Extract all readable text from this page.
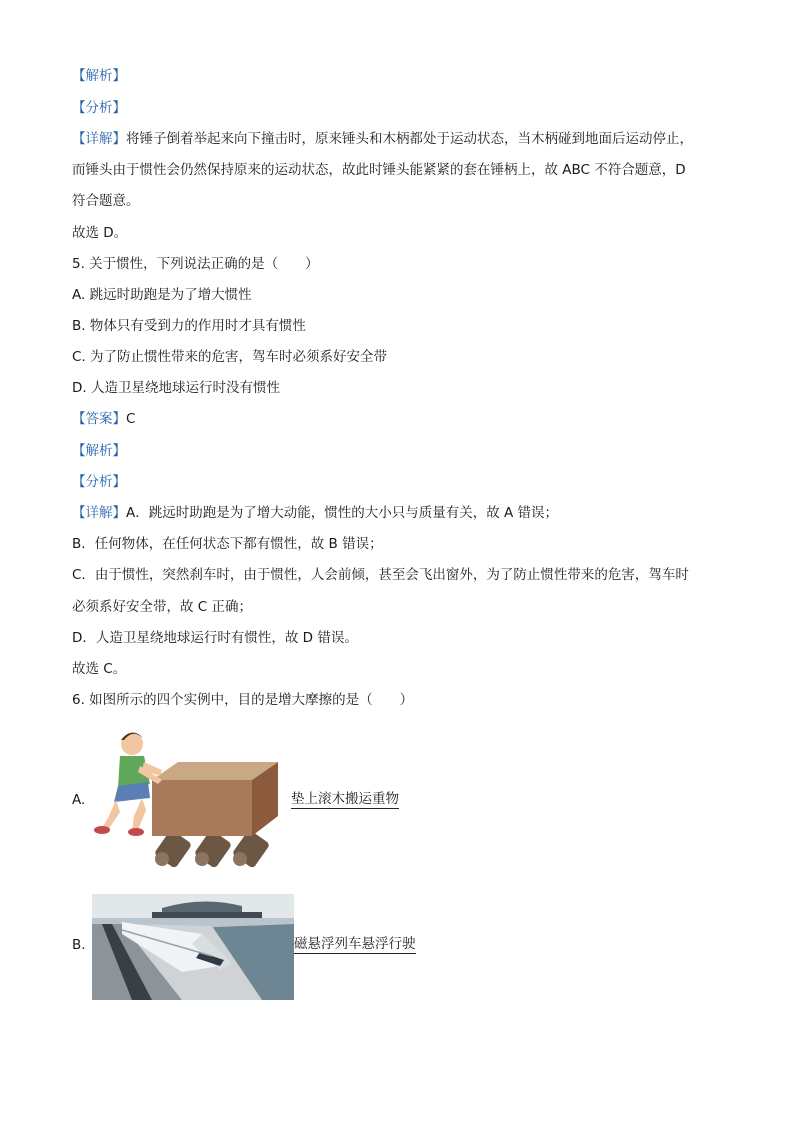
【解析】
【分析】
【详解】将锤子倒着举起来向下撞击时，原来锤头和木柄都处于运动状态，当木柄碰到地面后运动停止，
而锤头由于惯性会仍然保持原来的运动状态，故此时锤头能紧紧的套在锤柄上，故 ABC 不符合题意，D
符合题意。
故选 D。
5. 关于惯性，下列说法正确的是（　　）
A. 跳远时助跑是为了增大惯性
B. 物体只有受到力的作用时才具有惯性
C. 为了防止惯性带来的危害，驾车时必须系好安全带
D. 人造卫星绕地球运行时没有惯性
【答案】C
【解析】
【分析】
【详解】A．跳远时助跑是为了增大动能，惯性的大小只与质量有关，故 A 错误；
B．任何物体，在任何状态下都有惯性，故 B 错误；
C．由于惯性，突然刹车时，由于惯性，人会前倾，甚至会飞出窗外，为了防止惯性带来的危害，驾车时
必须系好安全带，故 C 正确；
D．人造卫星绕地球运行时有惯性，故 D 错误。
故选 C。
6. 如图所示的四个实例中，目的是增大摩擦的是（　　）
A.	垫上滚木搬运重物
B.	磁悬浮列车悬浮行驶
